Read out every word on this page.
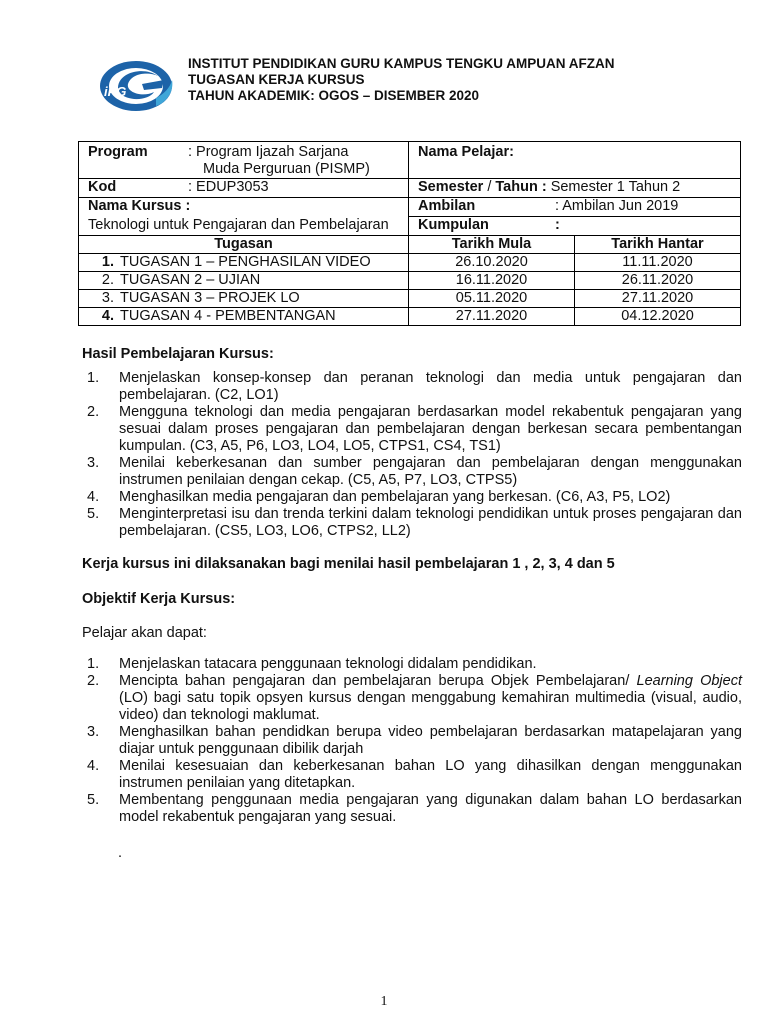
iPG
INSTITUT PENDIDIKAN GURU KAMPUS TENGKU AMPUAN AFZAN
TUGASAN KERJA KURSUS
TAHUN AKADEMIK: OGOS – DISEMBER 2020
Program : Program Ijazah Sarjana
Muda Perguruan (PISMP)	Nama Pelajar:	
Kod : EDUP3053	Semester / Tahun : Semester 1 Tahun 2	
Nama Kursus :	Ambilan : Ambilan Jun 2019	
Teknologi untuk Pengajaran dan Pembelajaran	Kumpulan :	
Tugasan	Tarikh Mula	Tarikh Hantar
1. TUGASAN 1 – PENGHASILAN VIDEO	26.10.2020	11.11.2020
2. TUGASAN 2 – UJIAN	16.11.2020	26.11.2020
3. TUGASAN 3 – PROJEK LO	05.11.2020	27.11.2020
4. TUGASAN 4 - PEMBENTANGAN	27.11.2020	04.12.2020
Hasil Pembelajaran Kursus:
1. Menjelaskan konsep-konsep dan peranan teknologi dan media untuk pengajaran dan pembelajaran. (C2, LO1)
2. Mengguna teknologi dan media pengajaran berdasarkan model rekabentuk pengajaran yang sesuai dalam proses pengajaran dan pembelajaran dengan berkesan secara pembentangan kumpulan. (C3, A5, P6, LO3, LO4, LO5, CTPS1, CS4, TS1)
3. Menilai keberkesanan dan sumber pengajaran dan pembelajaran dengan menggunakan instrumen penilaian dengan cekap. (C5, A5, P7, LO3, CTPS5)
4. Menghasilkan media pengajaran dan pembelajaran yang berkesan. (C6, A3, P5, LO2)
5. Menginterpretasi isu dan trenda terkini dalam teknologi pendidikan untuk proses pengajaran dan pembelajaran. (CS5, LO3, LO6, CTPS2, LL2)
Kerja kursus ini dilaksanakan bagi menilai hasil pembelajaran 1 , 2, 3, 4 dan 5
Objektif Kerja Kursus:
Pelajar akan dapat:
1. Menjelaskan tatacara penggunaan teknologi didalam pendidikan.
2. Mencipta bahan pengajaran dan pembelajaran berupa Objek Pembelajaran/ Learning Object (LO) bagi satu topik opsyen kursus dengan menggabung kemahiran multimedia (visual, audio, video) dan teknologi maklumat.
3. Menghasilkan bahan pendidkan berupa video pembelajaran berdasarkan matapelajaran yang diajar untuk penggunaan dibilik darjah
4. Menilai kesesuaian dan keberkesanan bahan LO yang dihasilkan dengan menggunakan instrumen penilaian yang ditetapkan.
5. Membentang penggunaan media pengajaran yang digunakan dalam bahan LO berdasarkan model rekabentuk pengajaran yang sesuai.
.
1
